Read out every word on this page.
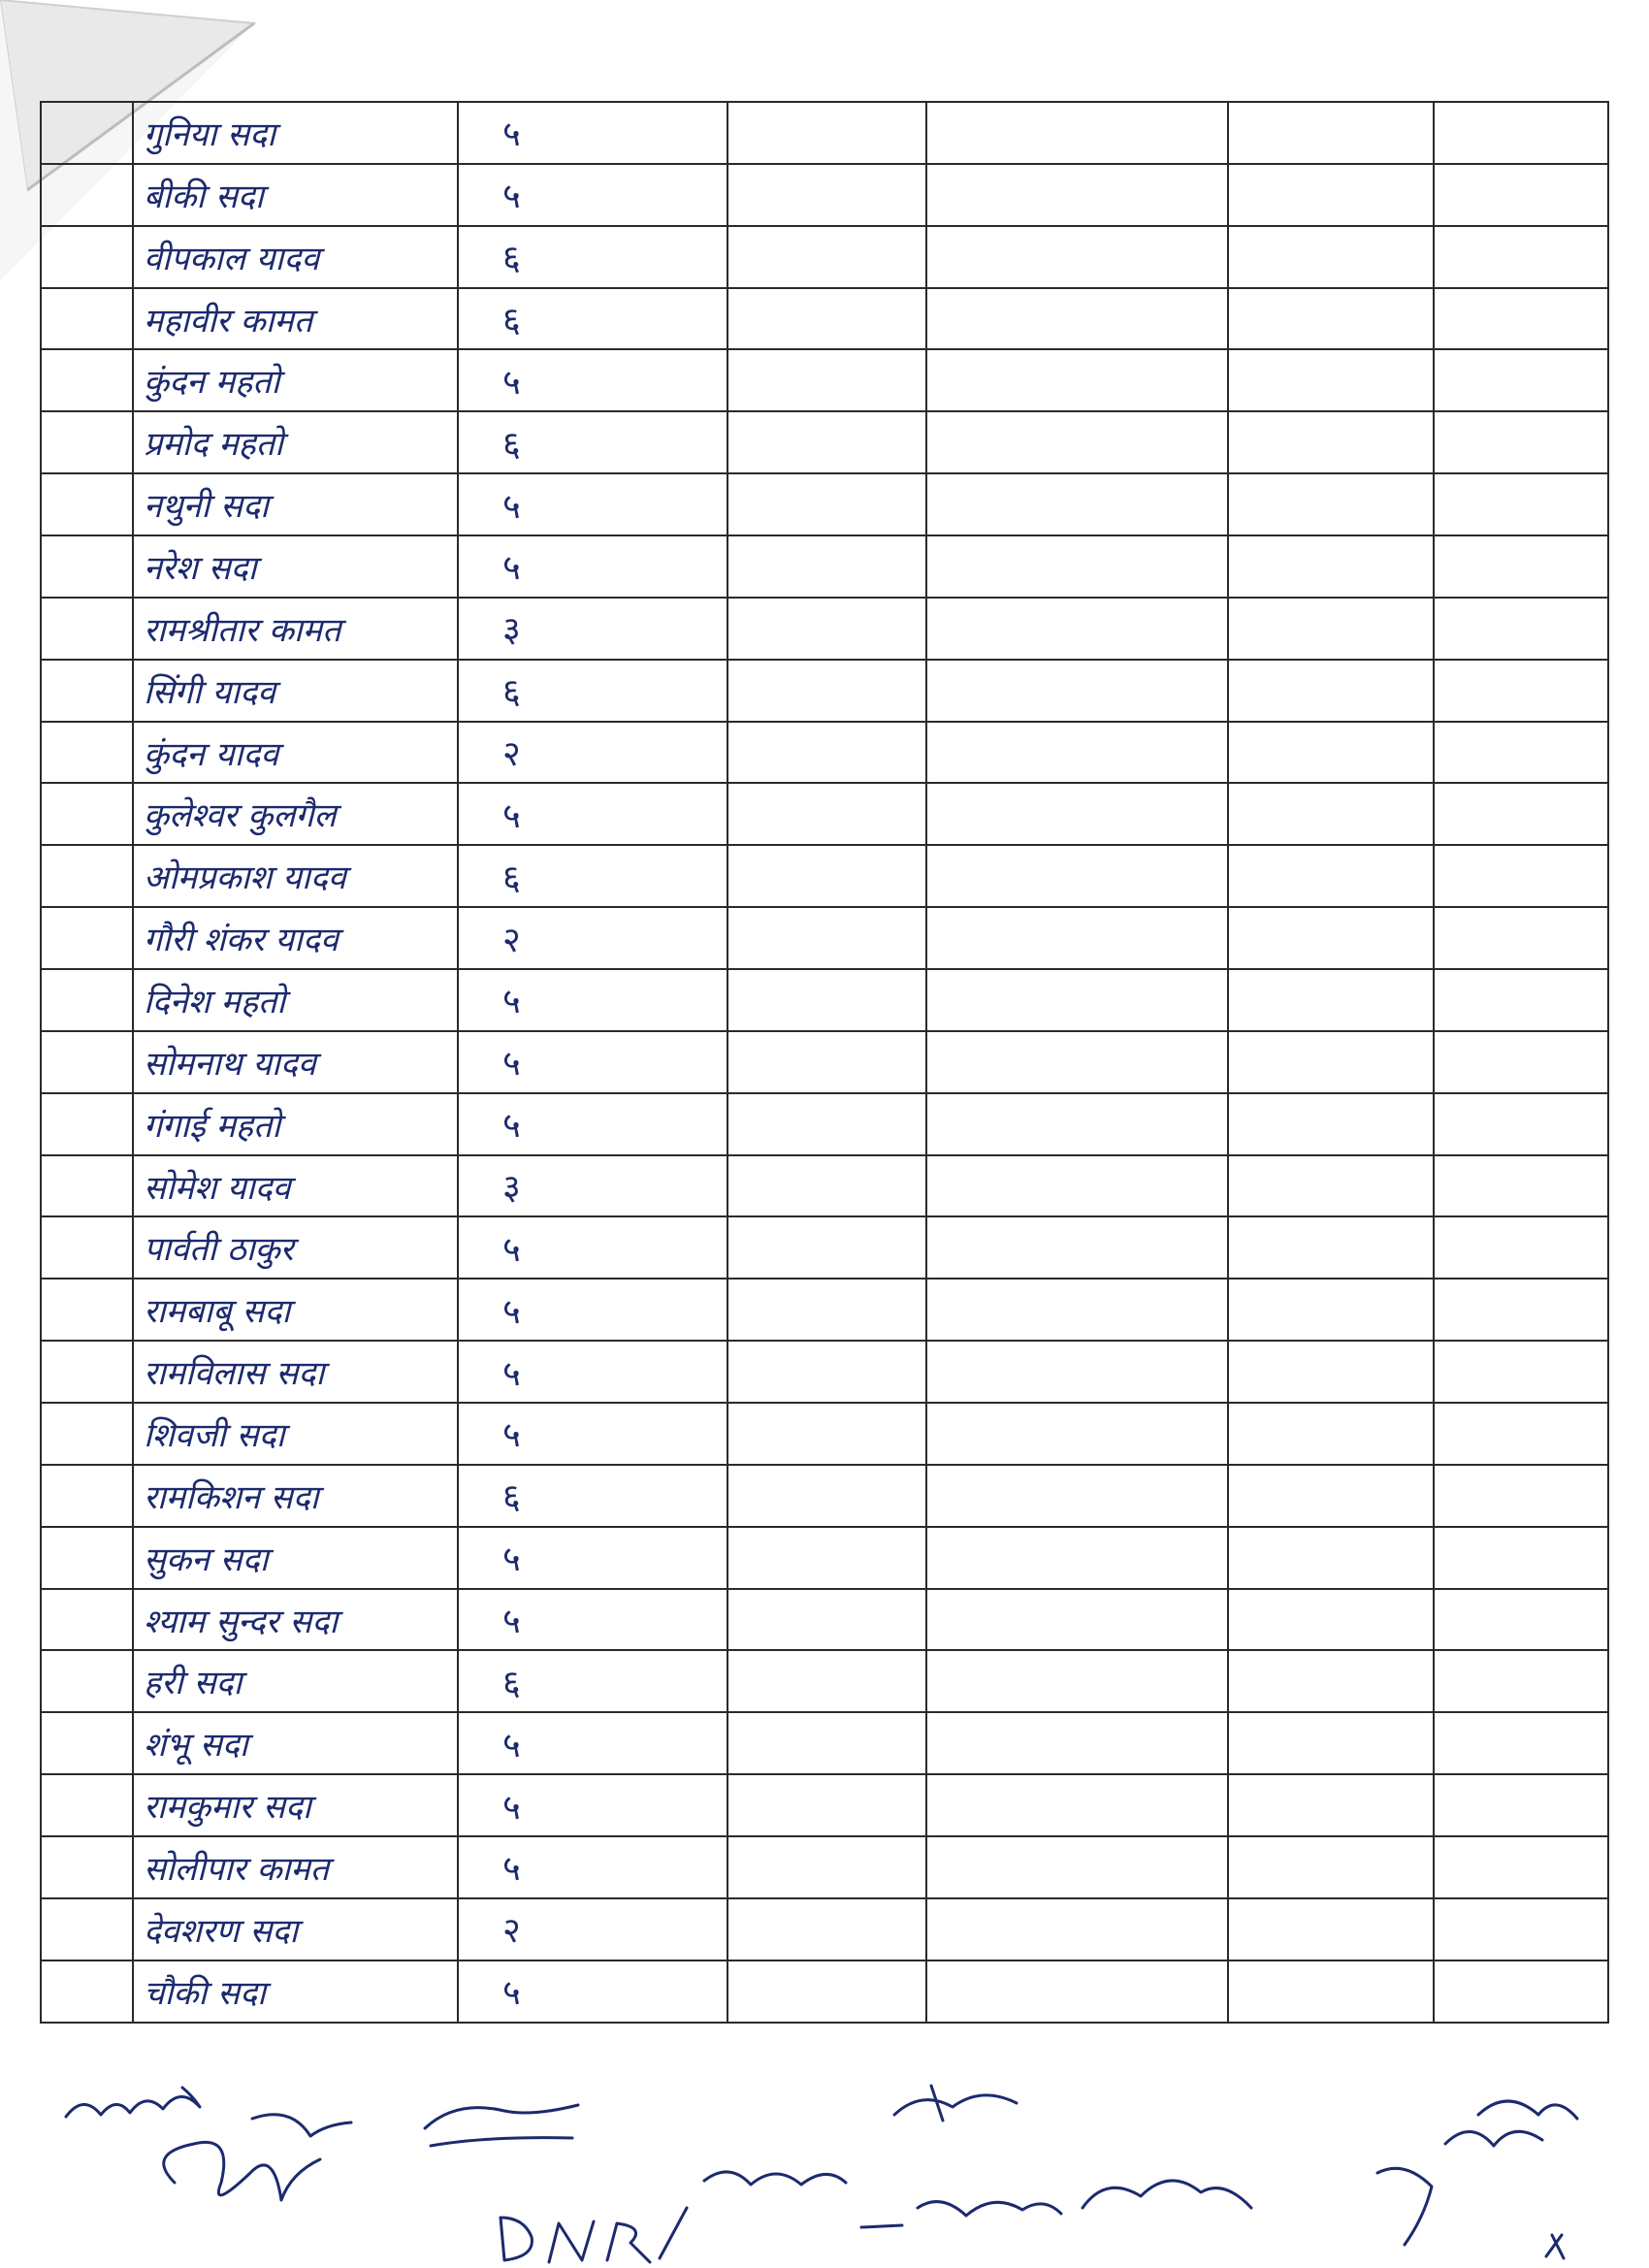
	गुनिया सदा	५				
	बीकी सदा	५				
	वीपकाल यादव	६				
	महावीर कामत	६				
	कुंदन महतो	५				
	प्रमोद महतो	६				
	नथुनी सदा	५				
	नरेश सदा	५				
	रामश्रीतार कामत	३				
	सिंगी यादव	६				
	कुंदन यादव	२				
	कुलेश्वर कुलगैल	५				
	ओमप्रकाश यादव	६				
	गौरी शंकर यादव	२				
	दिनेश महतो	५				
	सोमनाथ यादव	५				
	गंगाई महतो	५				
	सोमेश यादव	३				
	पार्वती ठाकुर	५				
	रामबाबू सदा	५				
	रामविलास सदा	५				
	शिवजी सदा	५				
	रामकिशन सदा	६				
	सुकन सदा	५				
	श्याम सुन्दर सदा	५				
	हरी सदा	६				
	शंभू सदा	५				
	रामकुमार सदा	५				
	सोलीपार कामत	५				
	देवशरण सदा	२				
	चौकी सदा	५				
